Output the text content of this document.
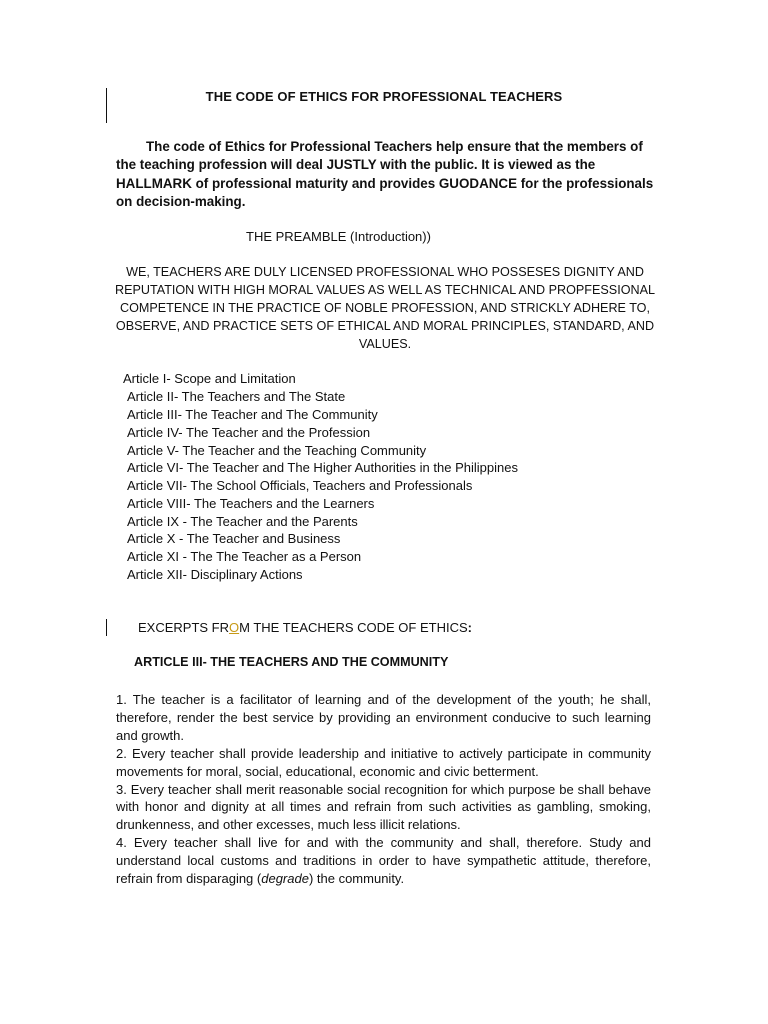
THE CODE OF ETHICS FOR PROFESSIONAL TEACHERS

The code of Ethics for Professional Teachers help ensure that the members of the teaching profession will deal JUSTLY with the public. It is viewed as the HALLMARK of professional maturity and provides GUODANCE for the professionals on decision-making.

THE PREAMBLE (Introduction))

WE, TEACHERS ARE DULY LICENSED PROFESSIONAL WHO POSSESES DIGNITY AND REPUTATION WITH HIGH MORAL VALUES AS WELL AS TECHNICAL AND PROPFESSIONAL COMPETENCE IN THE PRACTICE OF NOBLE PROFESSION, AND STRICKLY ADHERE TO, OBSERVE, AND PRACTICE SETS OF ETHICAL AND MORAL PRINCIPLES, STANDARD, AND VALUES.

Article I- Scope and Limitation
Article II- The Teachers and The State
Article III- The Teacher and The Community
Article IV- The Teacher and the Profession
Article V- The Teacher and the Teaching Community
Article VI- The Teacher and The Higher Authorities in the Philippines
Article VII- The School Officials, Teachers and Professionals
Article VIII- The Teachers and the Learners
Article IX - The Teacher and the Parents
Article X - The Teacher and Business
Article XI - The The Teacher as a Person
Article XII- Disciplinary Actions
EXCERPTS FROM THE TEACHERS CODE OF ETHICS:
ARTICLE III- THE TEACHERS AND THE COMMUNITY

1. The teacher is a facilitator of learning and of the development of the youth; he shall, therefore, render the best service by providing an environment conducive to such learning and growth.

2. Every teacher shall provide leadership and initiative to actively participate in community movements for moral, social, educational, economic and civic betterment.

3. Every teacher shall merit reasonable social recognition for which purpose be shall behave with honor and dignity at all times and refrain from such activities as gambling, smoking, drunkenness, and other excesses, much less illicit relations.

4. Every teacher shall live for and with the community and shall, therefore. Study and understand local customs and traditions in order to have sympathetic attitude, therefore, refrain from disparaging (degrade) the community.
